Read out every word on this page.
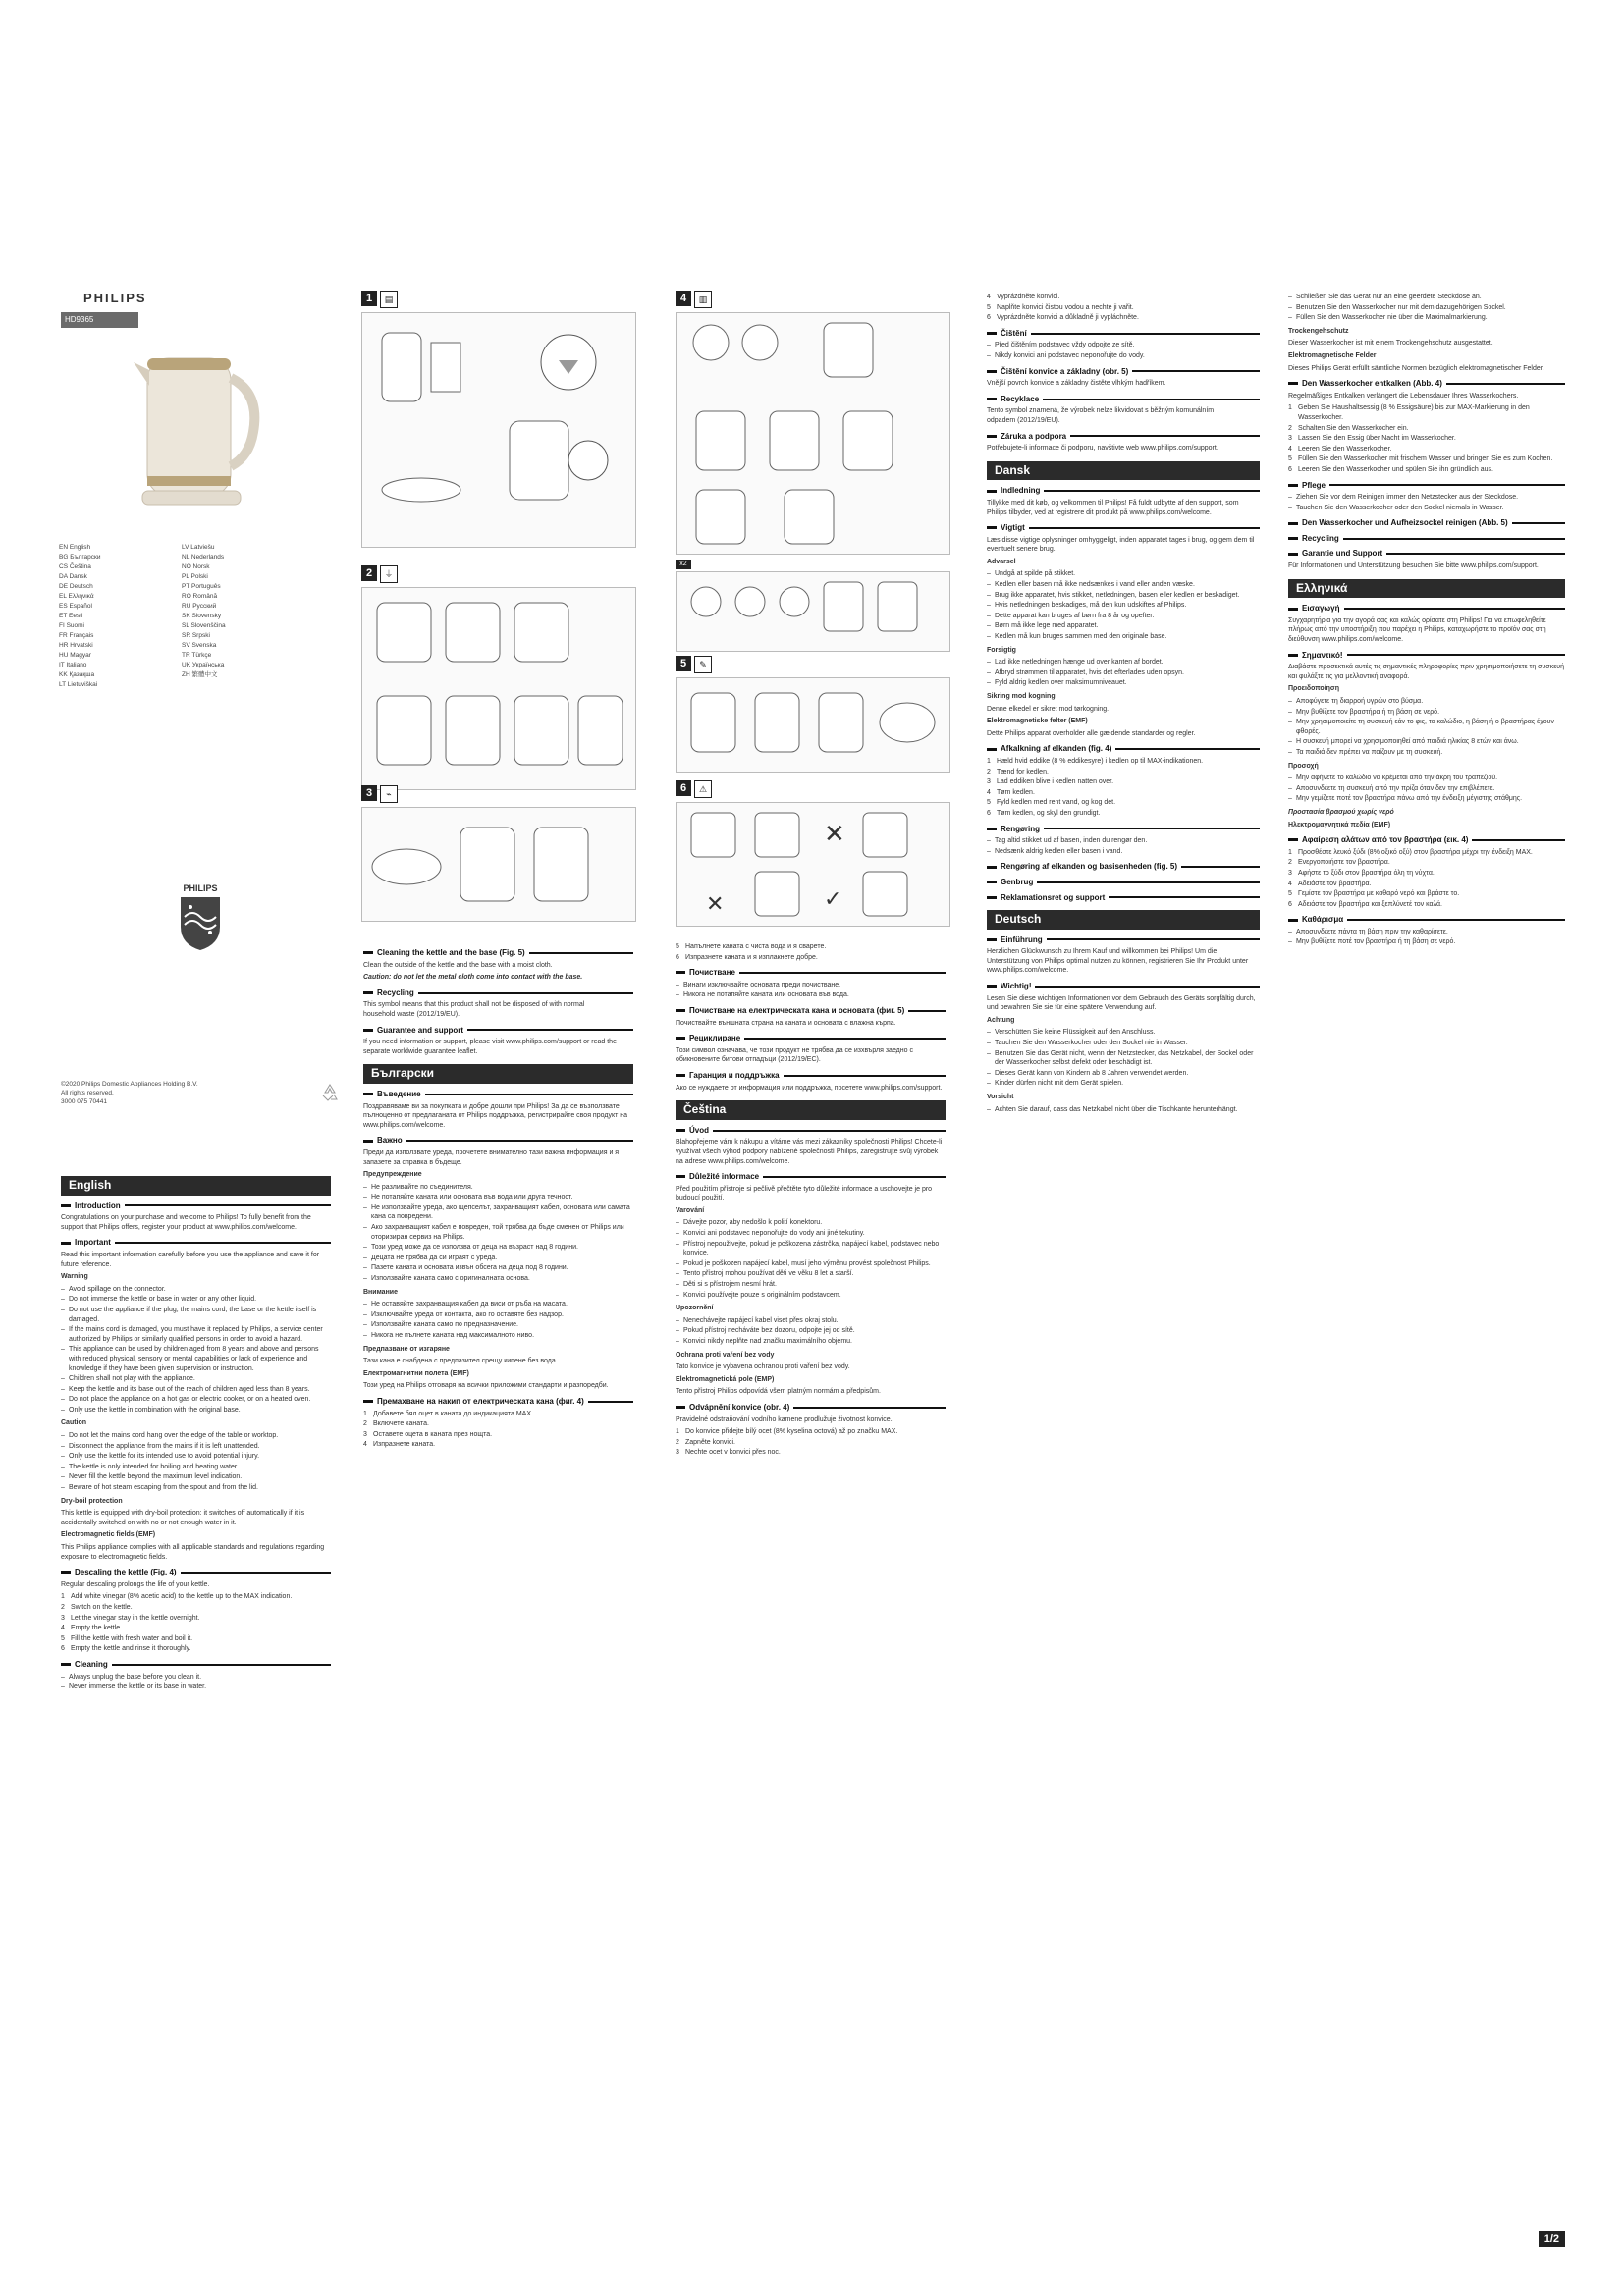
PHILIPS
HD9365
EN English	LV Latviešu
BG Български	NL Nederlands
CS Čeština	NO Norsk
DA Dansk	PL Polski
DE Deutsch	PT Português
EL Ελληνικά	RO Română
ES Español	RU Русский
ET Eesti	SK Slovensky
FI Suomi	SL Slovenščina
FR Français	SR Srpski
HR Hrvatski	SV Svenska
HU Magyar	TR Türkçe
IT Italiano	UK Українська
KK Қазақша	ZH 繁體中文
LT Lietuviškai
PHILIPS
©2020 Philips Domestic Appliances Holding B.V.
All rights reserved.
3000 075 70441
1	▤
2	⏚
3	⌁
4	▥
x2
5	✎
6	⚠
✕
✕	✓
English
Introduction
Congratulations on your purchase and welcome to Philips! To fully benefit from the support that Philips offers, register your product at www.philips.com/welcome.
Important
Read this important information carefully before you use the appliance and save it for future reference.
Warning
– Avoid spillage on the connector.
– Do not immerse the kettle or base in water or any other liquid.
– Do not use the appliance if the plug, the mains cord, the base or the kettle itself is damaged.
– If the mains cord is damaged, you must have it replaced by Philips, a service center authorized by Philips or similarly qualified persons in order to avoid a hazard.
– This appliance can be used by children aged from 8 years and above and persons with reduced physical, sensory or mental capabilities or lack of experience and knowledge if they have been given supervision or instruction.
– Children shall not play with the appliance.
– Keep the kettle and its base out of the reach of children aged less than 8 years.
– Do not place the appliance on a hot gas or electric cooker, or on a heated oven.
– Only use the kettle in combination with the original base.
Caution
– Do not let the mains cord hang over the edge of the table or worktop.
– Disconnect the appliance from the mains if it is left unattended.
– Only use the kettle for its intended use to avoid potential injury.
– The kettle is only intended for boiling and heating water.
– Never fill the kettle beyond the maximum level indication.
– Beware of hot steam escaping from the spout and from the lid.
Dry-boil protection
This kettle is equipped with dry-boil protection: it switches off automatically if it is accidentally switched on with no or not enough water in it.
Electromagnetic fields (EMF)
This Philips appliance complies with all applicable standards and regulations regarding exposure to electromagnetic fields.
Descaling the kettle (Fig. 4)
Regular descaling prolongs the life of your kettle.
1 Add white vinegar (8% acetic acid) to the kettle up to the MAX indication.
2 Switch on the kettle.
3 Let the vinegar stay in the kettle overnight.
4 Empty the kettle.
5 Fill the kettle with fresh water and boil it.
6 Empty the kettle and rinse it thoroughly.
Cleaning
– Always unplug the base before you clean it.
– Never immerse the kettle or its base in water.
Cleaning the kettle and the base (Fig. 5)
Clean the outside of the kettle and the base with a moist cloth.
Caution: do not let the metal cloth come into contact with the base.
Recycling
This symbol means that this product shall not be disposed of with normal household waste (2012/19/EU).
Guarantee and support
If you need information or support, please visit www.philips.com/support or read the separate worldwide guarantee leaflet.
Български
Въведение
Поздравяваме ви за покупката и добре дошли при Philips! За да се възползвате пълноценно от предлаганата от Philips поддръжка, регистрирайте своя продукт на www.philips.com/welcome.
Важно
Преди да използвате уреда, прочетете внимателно тази важна информация и я запазете за справка в бъдеще.
Предупреждение
– Не разливайте по съединителя.
– Не потапяйте каната или основата във вода или друга течност.
– Не използвайте уреда, ако щепселът, захранващият кабел, основата или самата кана са повредени.
– Ако захранващият кабел е повреден, той трябва да бъде сменен от Philips или оторизиран сервиз на Philips.
– Този уред може да се използва от деца на възраст над 8 години.
– Децата не трябва да си играят с уреда.
– Пазете каната и основата извън обсега на деца под 8 години.
– Използвайте каната само с оригиналната основа.
Внимание
– Не оставяйте захранващия кабел да виси от ръба на масата.
– Изключвайте уреда от контакта, ако го оставяте без надзор.
– Използвайте каната само по предназначение.
– Никога не пълнете каната над максималното ниво.
Предпазване от изгаряне
Тази кана е снабдена с предпазител срещу кипене без вода.
Електромагнитни полета (EMF)
Този уред на Philips отговаря на всички приложими стандарти и разпоредби.
Премахване на накип от електрическата кана (фиг. 4)
1 Добавете бял оцет в каната до индикацията MAX.
2 Включете каната.
3 Оставете оцета в каната през нощта.
4 Изпразнете каната.
5 Напълнете каната с чиста вода и я сварете.
6 Изпразнете каната и я изплакнете добре.
Почистване
– Винаги изключвайте основата преди почистване.
– Никога не потапяйте каната или основата във вода.
Почистване на електрическата кана и основата (фиг. 5)
Почиствайте външната страна на каната и основата с влажна кърпа.
Рециклиране
Този символ означава, че този продукт не трябва да се изхвърля заедно с обикновените битови отпадъци (2012/19/ЕС).
Гаранция и поддръжка
Ако се нуждаете от информация или поддръжка, посетете www.philips.com/support.
Čeština
Úvod
Blahopřejeme vám k nákupu a vítáme vás mezi zákazníky společnosti Philips! Chcete-li využívat všech výhod podpory nabízené společností Philips, zaregistrujte svůj výrobek na adrese www.philips.com/welcome.
Důležité informace
Před použitím přístroje si pečlivě přečtěte tyto důležité informace a uschovejte je pro budoucí použití.
Varování
– Dávejte pozor, aby nedošlo k polití konektoru.
– Konvici ani podstavec neponořujte do vody ani jiné tekutiny.
– Přístroj nepoužívejte, pokud je poškozena zástrčka, napájecí kabel, podstavec nebo konvice.
– Pokud je poškozen napájecí kabel, musí jeho výměnu provést společnost Philips.
– Tento přístroj mohou používat děti ve věku 8 let a starší.
– Děti si s přístrojem nesmí hrát.
– Konvici používejte pouze s originálním podstavcem.
Upozornění
– Nenechávejte napájecí kabel viset přes okraj stolu.
– Pokud přístroj necháváte bez dozoru, odpojte jej od sítě.
– Konvici nikdy neplňte nad značku maximálního objemu.
Ochrana proti vaření bez vody
Tato konvice je vybavena ochranou proti vaření bez vody.
Elektromagnetická pole (EMP)
Tento přístroj Philips odpovídá všem platným normám a předpisům.
Odvápnění konvice (obr. 4)
Pravidelné odstraňování vodního kamene prodlužuje životnost konvice.
1 Do konvice přidejte bílý ocet (8% kyselina octová) až po značku MAX.
2 Zapněte konvici.
3 Nechte ocet v konvici přes noc.
4 Vyprázdněte konvici.
5 Naplňte konvici čistou vodou a nechte ji vařit.
6 Vyprázdněte konvici a důkladně ji vypláchněte.
Čištění
– Před čištěním podstavec vždy odpojte ze sítě.
– Nikdy konvici ani podstavec neponořujte do vody.
Čištění konvice a základny (obr. 5)
Vnější povrch konvice a základny čistěte vlhkým hadříkem.
Recyklace
Tento symbol znamená, že výrobek nelze likvidovat s běžným komunálním odpadem (2012/19/EU).
Záruka a podpora
Potřebujete-li informace či podporu, navštivte web www.philips.com/support.
Dansk
Indledning
Tillykke med dit køb, og velkommen til Philips! Få fuldt udbytte af den support, som Philips tilbyder, ved at registrere dit produkt på www.philips.com/welcome.
Vigtigt
Læs disse vigtige oplysninger omhyggeligt, inden apparatet tages i brug, og gem dem til eventuelt senere brug.
Advarsel
– Undgå at spilde på stikket.
– Kedlen eller basen må ikke nedsænkes i vand eller anden væske.
– Brug ikke apparatet, hvis stikket, netledningen, basen eller kedlen er beskadiget.
– Hvis netledningen beskadiges, må den kun udskiftes af Philips.
– Dette apparat kan bruges af børn fra 8 år og opefter.
– Børn må ikke lege med apparatet.
– Kedlen må kun bruges sammen med den originale base.
Forsigtig
– Lad ikke netledningen hænge ud over kanten af bordet.
– Afbryd strømmen til apparatet, hvis det efterlades uden opsyn.
– Fyld aldrig kedlen over maksimumniveauet.
Sikring mod kogning
Denne elkedel er sikret mod tørkogning.
Elektromagnetiske felter (EMF)
Dette Philips apparat overholder alle gældende standarder og regler.
Afkalkning af elkanden (fig. 4)
1 Hæld hvid eddike (8 % eddikesyre) i kedlen op til MAX-indikationen.
2 Tænd for kedlen.
3 Lad eddiken blive i kedlen natten over.
4 Tøm kedlen.
5 Fyld kedlen med rent vand, og kog det.
6 Tøm kedlen, og skyl den grundigt.
Rengøring
– Tag altid stikket ud af basen, inden du rengør den.
– Nedsænk aldrig kedlen eller basen i vand.
Rengøring af elkanden og basisenheden (fig. 5)
Genbrug
Reklamationsret og support
Deutsch
Einführung
Herzlichen Glückwunsch zu Ihrem Kauf und willkommen bei Philips! Um die Unterstützung von Philips optimal nutzen zu können, registrieren Sie Ihr Produkt unter www.philips.com/welcome.
Wichtig!
Lesen Sie diese wichtigen Informationen vor dem Gebrauch des Geräts sorgfältig durch, und bewahren Sie sie für eine spätere Verwendung auf.
Achtung
– Verschütten Sie keine Flüssigkeit auf den Anschluss.
– Tauchen Sie den Wasserkocher oder den Sockel nie in Wasser.
– Benutzen Sie das Gerät nicht, wenn der Netzstecker, das Netzkabel, der Sockel oder der Wasserkocher selbst defekt oder beschädigt ist.
– Dieses Gerät kann von Kindern ab 8 Jahren verwendet werden.
– Kinder dürfen nicht mit dem Gerät spielen.
Vorsicht
– Achten Sie darauf, dass das Netzkabel nicht über die Tischkante herunterhängt.
– Schließen Sie das Gerät nur an eine geerdete Steckdose an.
– Benutzen Sie den Wasserkocher nur mit dem dazugehörigen Sockel.
– Füllen Sie den Wasserkocher nie über die Maximalmarkierung.
Trockengehschutz
Dieser Wasserkocher ist mit einem Trockengehschutz ausgestattet.
Elektromagnetische Felder
Dieses Philips Gerät erfüllt sämtliche Normen bezüglich elektromagnetischer Felder.
Den Wasserkocher entkalken (Abb. 4)
Regelmäßiges Entkalken verlängert die Lebensdauer Ihres Wasserkochers.
1 Geben Sie Haushaltsessig (8 % Essigsäure) bis zur MAX-Markierung in den Wasserkocher.
2 Schalten Sie den Wasserkocher ein.
3 Lassen Sie den Essig über Nacht im Wasserkocher.
4 Leeren Sie den Wasserkocher.
5 Füllen Sie den Wasserkocher mit frischem Wasser und bringen Sie es zum Kochen.
6 Leeren Sie den Wasserkocher und spülen Sie ihn gründlich aus.
Pflege
– Ziehen Sie vor dem Reinigen immer den Netzstecker aus der Steckdose.
– Tauchen Sie den Wasserkocher oder den Sockel niemals in Wasser.
Den Wasserkocher und Aufheizsockel reinigen (Abb. 5)
Recycling
Garantie und Support
Für Informationen und Unterstützung besuchen Sie bitte www.philips.com/support.
Ελληνικά
Εισαγωγή
Συγχαρητήρια για την αγορά σας και καλώς ορίσατε στη Philips! Για να επωφεληθείτε πλήρως από την υποστήριξη που παρέχει η Philips, καταχωρήστε το προϊόν σας στη διεύθυνση www.philips.com/welcome.
Σημαντικό!
Διαβάστε προσεκτικά αυτές τις σημαντικές πληροφορίες πριν χρησιμοποιήσετε τη συσκευή και φυλάξτε τις για μελλοντική αναφορά.
Προειδοποίηση
– Αποφύγετε τη διαρροή υγρών στο βύσμα.
– Μην βυθίζετε τον βραστήρα ή τη βάση σε νερό.
– Μην χρησιμοποιείτε τη συσκευή εάν το φις, το καλώδιο, η βάση ή ο βραστήρας έχουν φθορές.
– Η συσκευή μπορεί να χρησιμοποιηθεί από παιδιά ηλικίας 8 ετών και άνω.
– Τα παιδιά δεν πρέπει να παίζουν με τη συσκευή.
Προσοχή
– Μην αφήνετε το καλώδιο να κρέμεται από την άκρη του τραπεζιού.
– Αποσυνδέετε τη συσκευή από την πρίζα όταν δεν την επιβλέπετε.
– Μην γεμίζετε ποτέ τον βραστήρα πάνω από την ένδειξη μέγιστης στάθμης.
Προστασία βρασμού χωρίς νερό
Ηλεκτρομαγνητικά πεδία (EMF)
Αφαίρεση αλάτων από τον βραστήρα (εικ. 4)
1 Προσθέστε λευκό ξύδι (8% οξικό οξύ) στον βραστήρα μέχρι την ένδειξη MAX.
2 Ενεργοποιήστε τον βραστήρα.
3 Αφήστε το ξύδι στον βραστήρα όλη τη νύχτα.
4 Αδειάστε τον βραστήρα.
5 Γεμίστε τον βραστήρα με καθαρό νερό και βράστε το.
6 Αδειάστε τον βραστήρα και ξεπλύνετέ τον καλά.
Καθάρισμα
– Αποσυνδέετε πάντα τη βάση πριν την καθαρίσετε.
– Μην βυθίζετε ποτέ τον βραστήρα ή τη βάση σε νερό.
1/2
